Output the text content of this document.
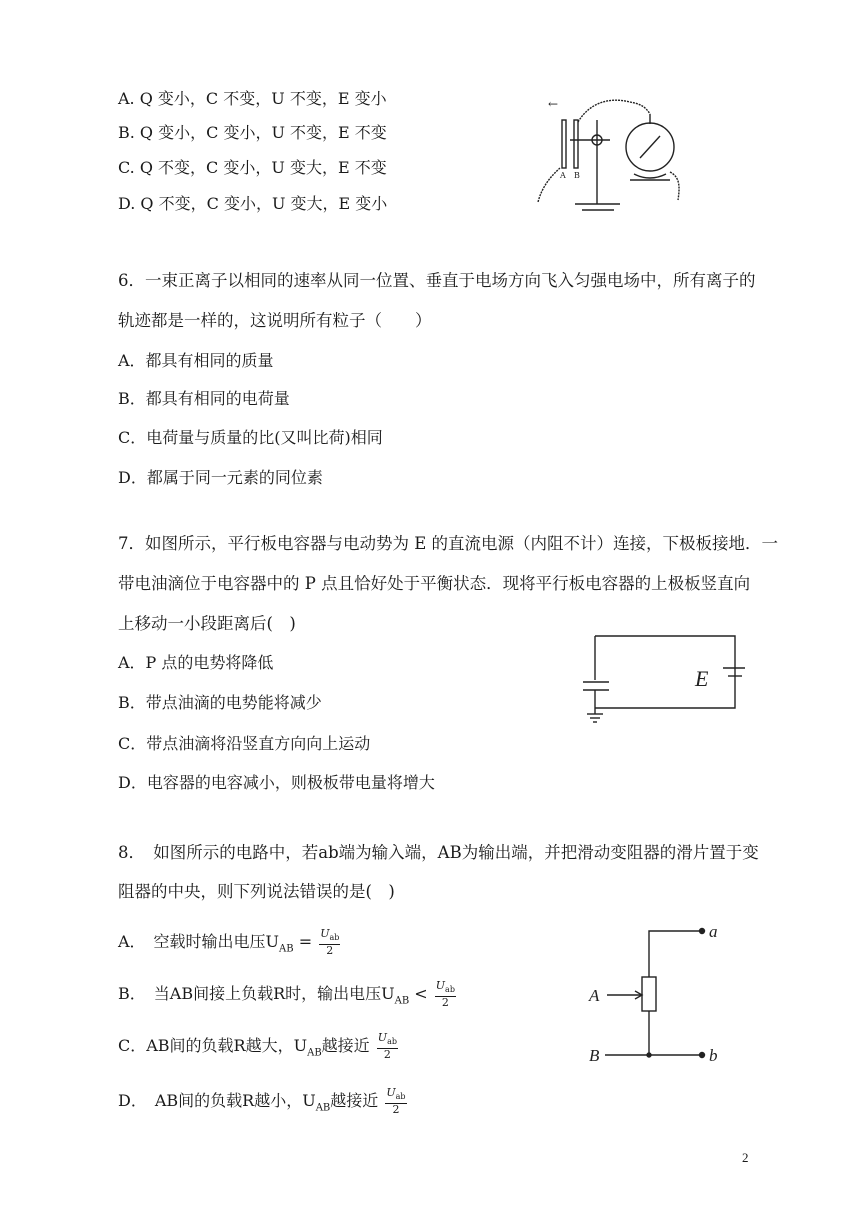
A. Q 变小，C 不变，U 不变，E 变小
B. Q 变小，C 变小，U 不变，E 不变
C. Q 不变，C 变小，U 变大，E 不变
D. Q 不变，C 变小，U 变大，E 变小
←
A B
6．一束正离子以相同的速率从同一位置、垂直于电场方向飞入匀强电场中，所有离子的
轨迹都是一样的，这说明所有粒子（　　）
A．都具有相同的质量
B．都具有相同的电荷量
C．电荷量与质量的比(又叫比荷)相同
D．都属于同一元素的同位素
7．如图所示，平行板电容器与电动势为 E 的直流电源（内阻不计）连接，下极板接地．一
带电油滴位于电容器中的 P 点且恰好处于平衡状态．现将平行板电容器的上极板竖直向
上移动一小段距离后(　)
A．P 点的电势将降低
B．带点油滴的电势能将减少
C．带点油滴将沿竖直方向向上运动
D．电容器的电容减小，则极板带电量将增大
E
8．　如图所示的电路中，若ab端为输入端，AB为输出端，并把滑动变阻器的滑片置于变
阻器的中央，则下列说法错误的是(　)
A．　空载时输出电压$U_{AB} = \frac{U_{ab}}{2}$
B．　当AB间接上负载R时，输出电压$U_{AB} < \frac{U_{ab}}{2}$
C．AB间的负载R越大，$U_{AB}$越接近 $\frac{U_{ab}}{2}$
D．　AB间的负载R越小，$U_{AB}$越接近 $\frac{U_{ab}}{2}$
a
b
A
B
2
